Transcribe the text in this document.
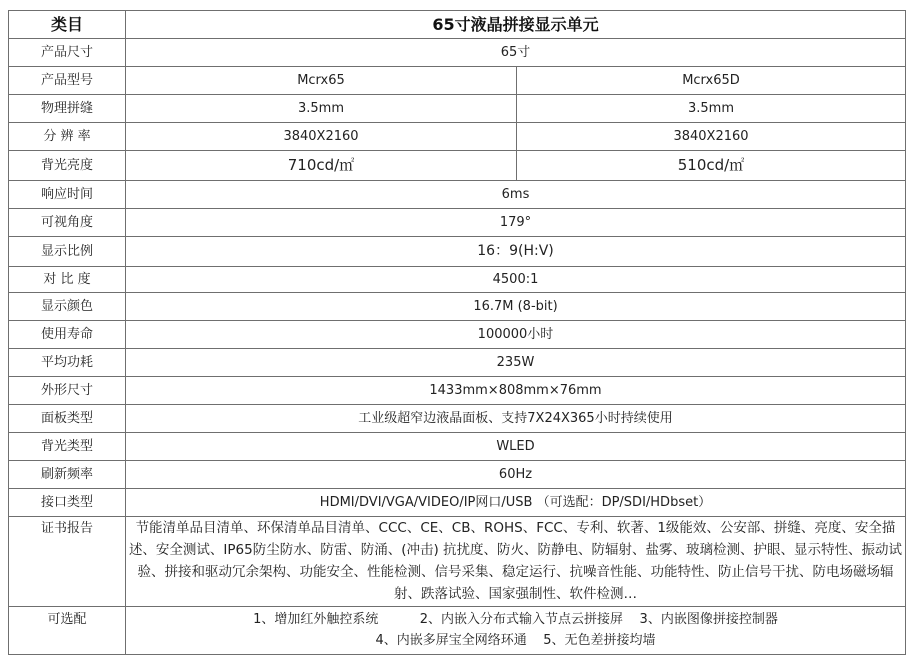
类目	65寸液晶拼接显示单元	
产品尺寸	65寸	
产品型号	Mcrx65	Mcrx65D
物理拼缝	3.5mm	3.5mm
分 辨 率	3840X2160	3840X2160
背光亮度	710cd/㎡	510cd/㎡
响应时间	6ms	
可视角度	179°	
显示比例	16：9(H:V)	
对 比 度	4500:1	
显示颜色	16.7M (8-bit)	
使用寿命	100000小时	
平均功耗	235W	
外形尺寸	1433mm×808mm×76mm	
面板类型	工业级超窄边液晶面板、支持7X24X365小时持续使用	
背光类型	WLED	
刷新频率	60Hz	
接口类型	HDMI/DVI/VGA/VIDEO/IP网口/USB （可选配：DP/SDI/HDbset）	
证书报告	节能清单品目清单、环保清单品目清单、CCC、CE、CB、ROHS、FCC、专利、软著、1级能效、公安部、拼缝、亮度、安全描述、安全测试、IP65防尘防水、防雷、防涌、(冲击) 抗扰度、防火、防静电、防辐射、盐雾、玻璃检测、护眼、显示特性、振动试验、拼接和驱动冗余架构、功能安全、性能检测、信号采集、稳定运行、抗噪音性能、功能特性、防止信号干扰、防电场磁场辐射、跌落试验、国家强制性、软件检测…	
可选配	1、增加红外触控系统          2、内嵌入分布式输入节点云拼接屏    3、内嵌图像拼接控制器
4、内嵌多屏宝全网络环通    5、无色差拼接均墙	
